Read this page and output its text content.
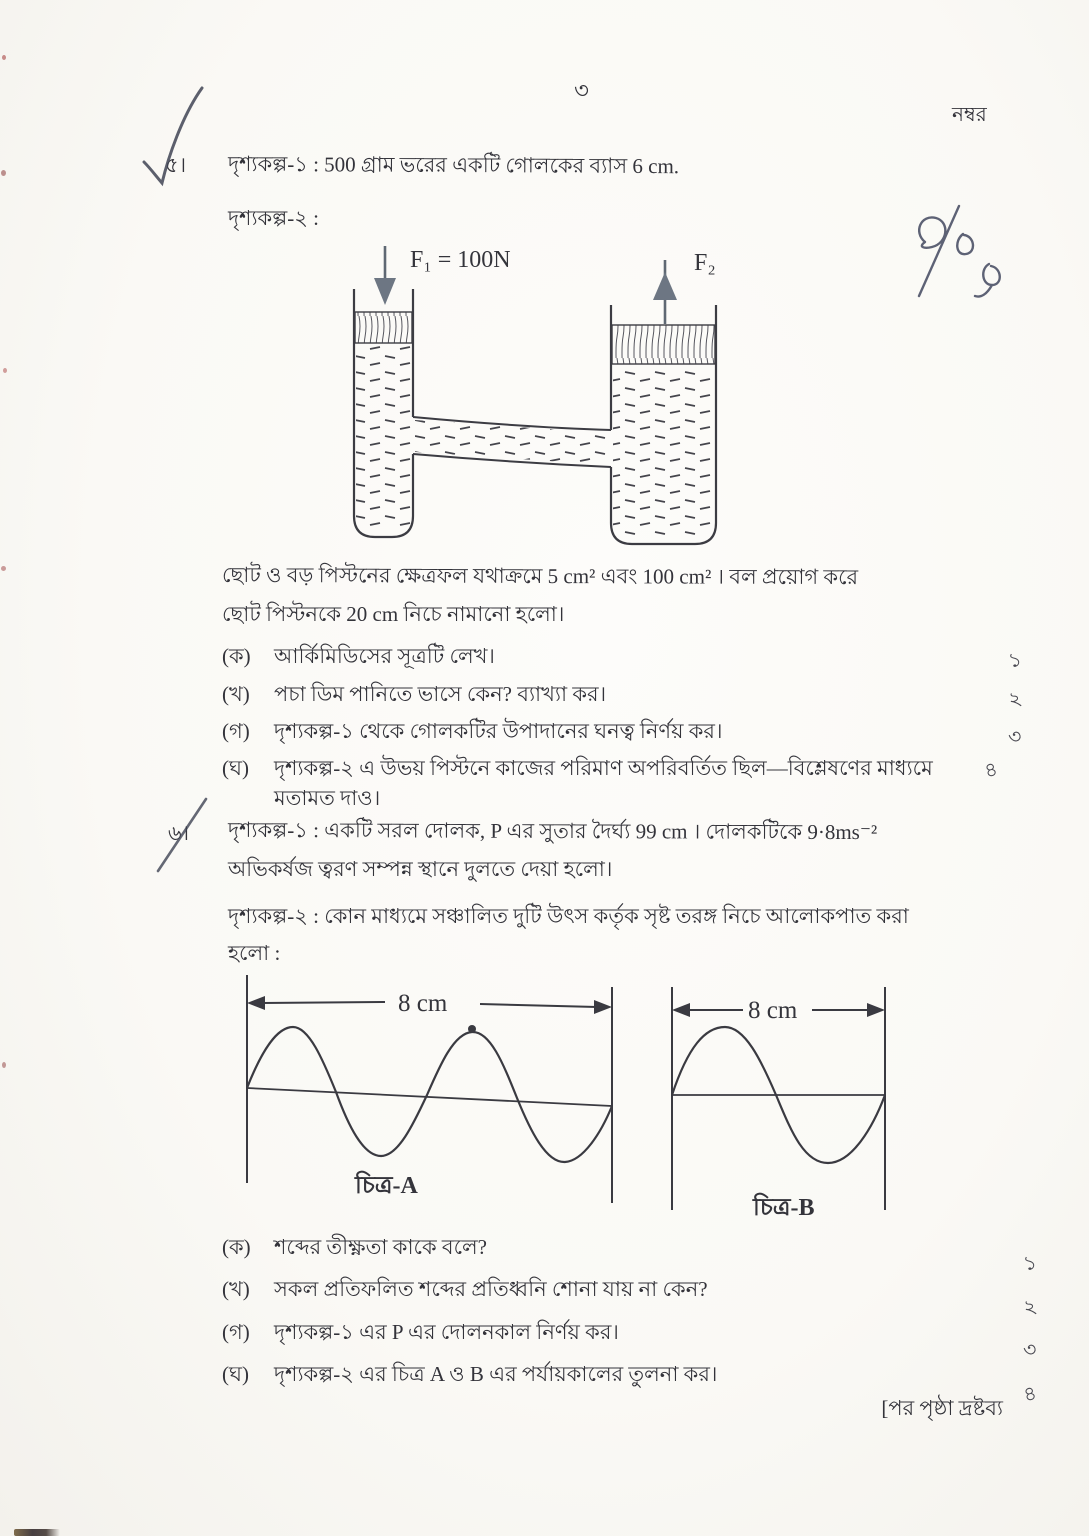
৩
নম্বর
৫। দৃশ্যকল্প-১ : 500 গ্রাম ভরের একটি গোলকের ব্যাস 6 cm.
দৃশ্যকল্প-২ :
F₁ = 100N	F₂
ছোট ও বড় পিস্টনের ক্ষেত্রফল যথাক্রমে 5 cm² এবং 100 cm² । বল প্রয়োগ করে
ছোট পিস্টনকে 20 cm নিচে নামানো হলো।
(ক)	আর্কিমিডিসের সূত্রটি লেখ।	১
(খ)	পচা ডিম পানিতে ভাসে কেন? ব্যাখ্যা কর।	২
(গ)	দৃশ্যকল্প-১ থেকে গোলকটির উপাদানের ঘনত্ব নির্ণয় কর।	৩
(ঘ)	দৃশ্যকল্প-২ এ উভয় পিস্টনে কাজের পরিমাণ অপরিবর্তিত ছিল—বিশ্লেষণের মাধ্যমে মতামত দাও।
৪
৬। দৃশ্যকল্প-১ : একটি সরল দোলক, P এর সুতার দৈর্ঘ্য 99 cm । দোলকটিকে 9·8ms⁻²
অভিকর্ষজ ত্বরণ সম্পন্ন স্থানে দুলতে দেয়া হলো।
দৃশ্যকল্প-২ : কোন মাধ্যমে সঞ্চালিত দুটি উৎস কর্তৃক সৃষ্ট তরঙ্গ নিচে আলোকপাত করা
হলো :
8 cm
চিত্র-A
8 cm
চিত্র-B
(ক)	শব্দের তীক্ষ্ণতা কাকে বলে?
১
(খ)	সকল প্রতিফলিত শব্দের প্রতিধ্বনি শোনা যায় না কেন?
২
(গ)	দৃশ্যকল্প-১ এর P এর দোলনকাল নির্ণয় কর।
৩
(ঘ)	দৃশ্যকল্প-২ এর চিত্র A ও B এর পর্যায়কালের তুলনা কর।
৪
[পর পৃষ্ঠা দ্রষ্টব্য
